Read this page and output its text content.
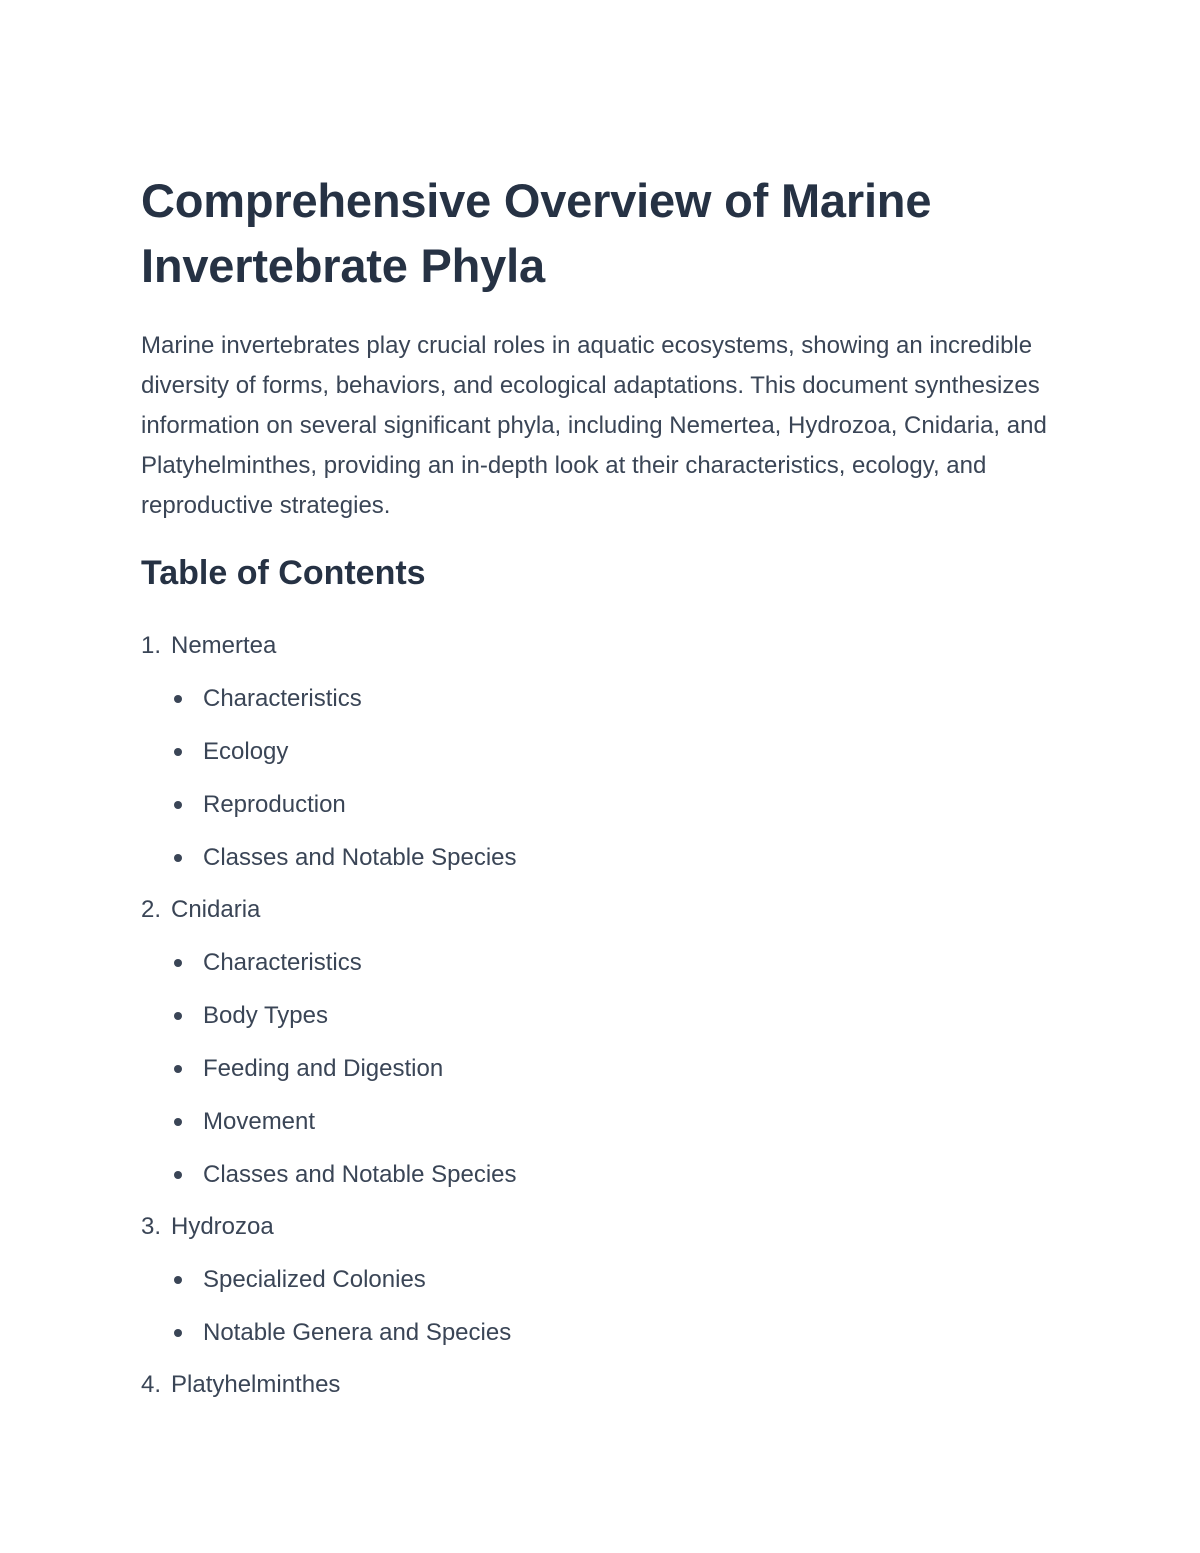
Comprehensive Overview of Marine Invertebrate Phyla

Marine invertebrates play crucial roles in aquatic ecosystems, showing an incredible diversity of forms, behaviors, and ecological adaptations. This document synthesizes information on several significant phyla, including Nemertea, Hydrozoa, Cnidaria, and Platyhelminthes, providing an in-depth look at their characteristics, ecology, and reproductive strategies.

Table of Contents
1. Nemertea
Characteristics
Ecology
Reproduction
Classes and Notable Species
2. Cnidaria
Characteristics
Body Types
Feeding and Digestion
Movement
Classes and Notable Species
3. Hydrozoa
Specialized Colonies
Notable Genera and Species
4. Platyhelminthes
